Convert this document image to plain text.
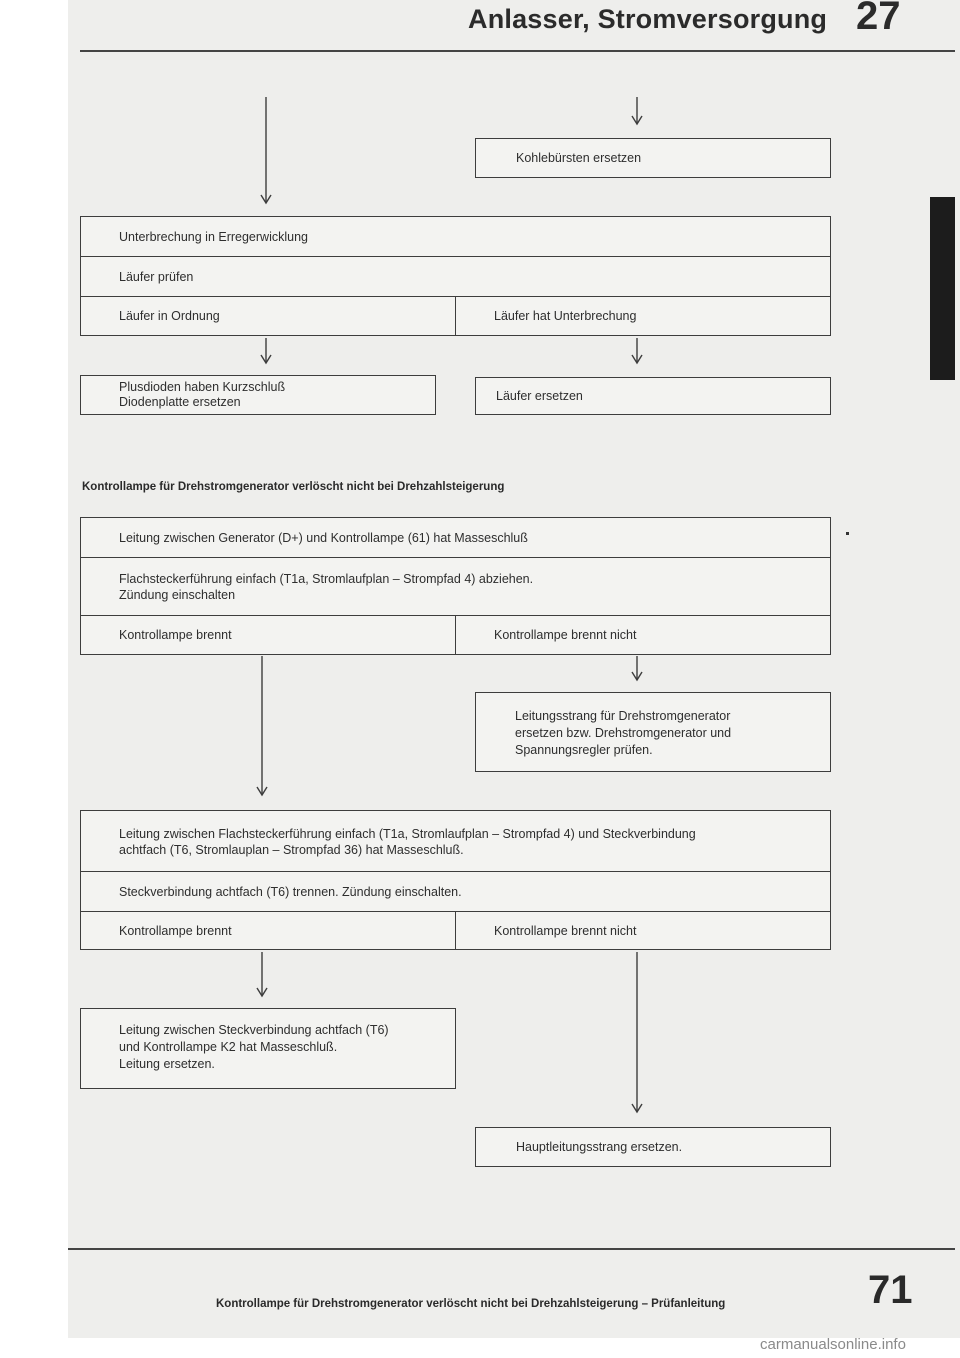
Anlasser, Stromversorgung 27
Kohlebürsten ersetzen
Unterbrechung in Erregerwicklung
Läufer prüfen
Läufer in Ordnung	Läufer hat Unterbrechung
Plusdioden haben Kurzschluß
Diodenplatte ersetzen	Läufer ersetzen
Kontrollampe für Drehstromgenerator verlöscht nicht bei Drehzahlsteigerung
Leitung zwischen Generator (D+) und Kontrollampe (61) hat Masseschluß
Flachsteckerführung einfach (T1a, Stromlaufplan – Strompfad 4) abziehen.
Zündung einschalten
Kontrollampe brennt	Kontrollampe brennt nicht
Leitungsstrang für Drehstromgenerator
ersetzen bzw. Drehstromgenerator und
Spannungsregler prüfen.
Leitung zwischen Flachsteckerführung einfach (T1a, Stromlaufplan – Strompfad 4) und Steckverbindung
achtfach (T6, Stromlauplan – Strompfad 36) hat Masseschluß.
Steckverbindung achtfach (T6) trennen. Zündung einschalten.
Kontrollampe brennt	Kontrollampe brennt nicht
Leitung zwischen Steckverbindung achtfach (T6)
und Kontrollampe K2 hat Masseschluß.
Leitung ersetzen.
Hauptleitungsstrang ersetzen.
Kontrollampe für Drehstromgenerator verlöscht nicht bei Drehzahlsteigerung – Prüfanleitung	71
carmanualsonline.info
